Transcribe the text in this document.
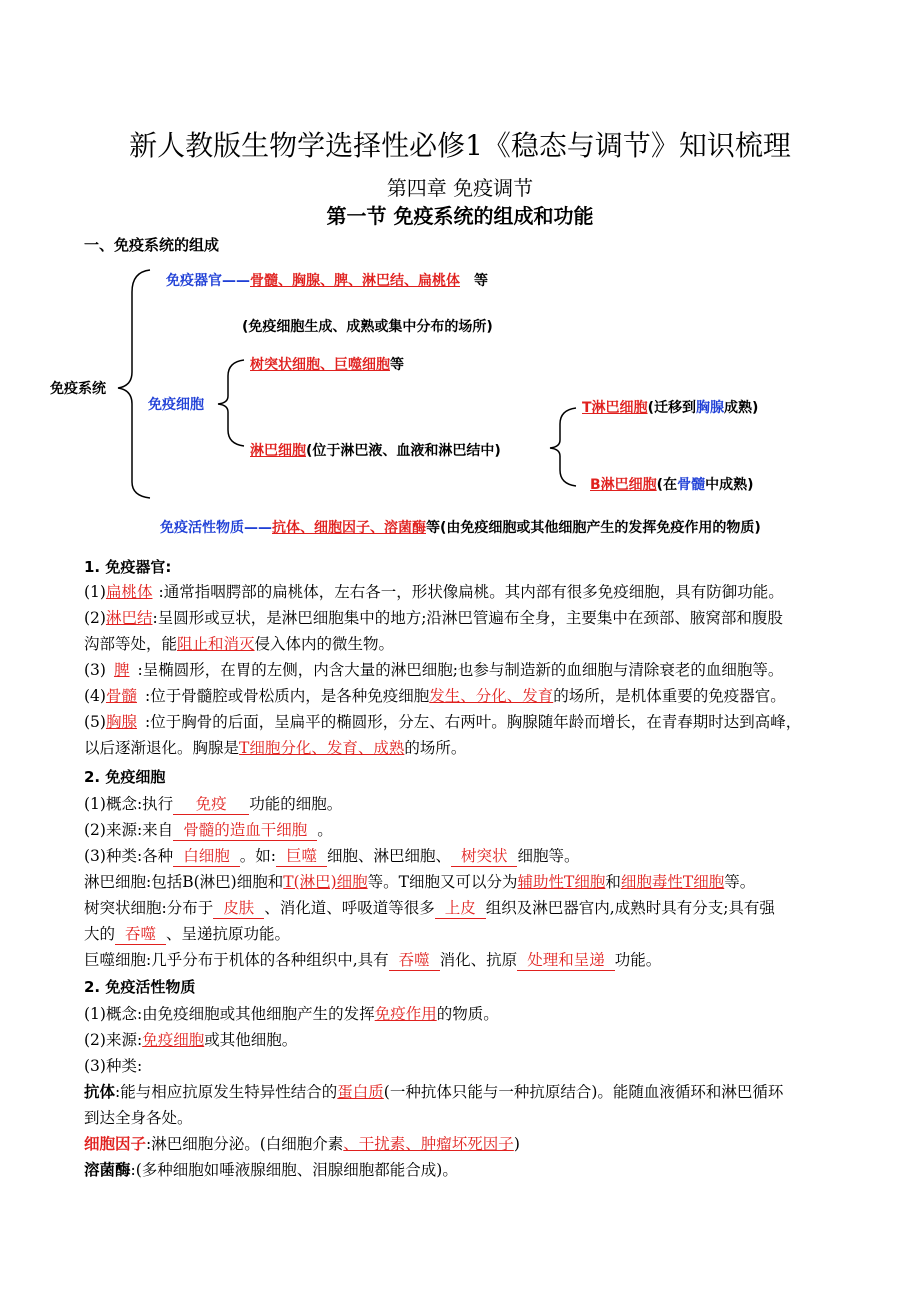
新人教版生物学选择性必修1《稳态与调节》知识梳理
第四章 免疫调节
第一节 免疫系统的组成和功能
一、免疫系统的组成
免疫系统
免疫器官——骨髓、胸腺、脾、淋巴结、扁桃体 等
(免疫细胞生成、成熟或集中分布的场所)
免疫细胞
树突状细胞、巨噬细胞等
淋巴细胞(位于淋巴液、血液和淋巴结中)
T淋巴细胞(迁移到胸腺成熟)
B淋巴细胞(在骨髓中成熟)
免疫活性物质——抗体、细胞因子、溶菌酶等(由免疫细胞或其他细胞产生的发挥免疫作用的物质)
1. 免疫器官:
(1)扁桃体 :通常指咽腭部的扁桃体，左右各一，形状像扁桃。其内部有很多免疫细胞，具有防御功能。
(2)淋巴结:呈圆形或豆状，是淋巴细胞集中的地方;沿淋巴管遍布全身，主要集中在颈部、腋窝部和腹股
沟部等处，能阻止和消灭侵入体内的微生物。
(3) 脾 :呈椭圆形，在胃的左侧，内含大量的淋巴细胞;也参与制造新的血细胞与清除衰老的血细胞等。
(4)骨髓 :位于骨髓腔或骨松质内，是各种免疫细胞发生、分化、发育的场所，是机体重要的免疫器官。
(5)胸腺 :位于胸骨的后面，呈扁平的椭圆形，分左、右两叶。胸腺随年龄而增长，在青春期时达到高峰，
以后逐渐退化。胸腺是T细胞分化、发育、成熟的场所。
2. 免疫细胞
(1)概念:执行 免疫 功能的细胞。
(2)来源:来自 骨髓的造血干细胞 。
(3)种类:各种 白细胞 。如: 巨噬 细胞、淋巴细胞、 树突状 细胞等。
淋巴细胞:包括B(淋巴)细胞和T(淋巴)细胞等。T细胞又可以分为辅助性T细胞和细胞毒性T细胞等。
树突状细胞:分布于 皮肤 、消化道、呼吸道等很多 上皮 组织及淋巴器官内,成熟时具有分支;具有强
大的 吞噬 、呈递抗原功能。
巨噬细胞:几乎分布于机体的各种组织中,具有 吞噬 消化、抗原 处理和呈递 功能。
2. 免疫活性物质
(1)概念:由免疫细胞或其他细胞产生的发挥免疫作用的物质。
(2)来源:免疫细胞或其他细胞。
(3)种类:
抗体:能与相应抗原发生特异性结合的蛋白质(一种抗体只能与一种抗原结合)。能随血液循环和淋巴循环
到达全身各处。
细胞因子:淋巴细胞分泌。(白细胞介素、干扰素、肿瘤坏死因子)
溶菌酶:(多种细胞如唾液腺细胞、泪腺细胞都能合成)。
